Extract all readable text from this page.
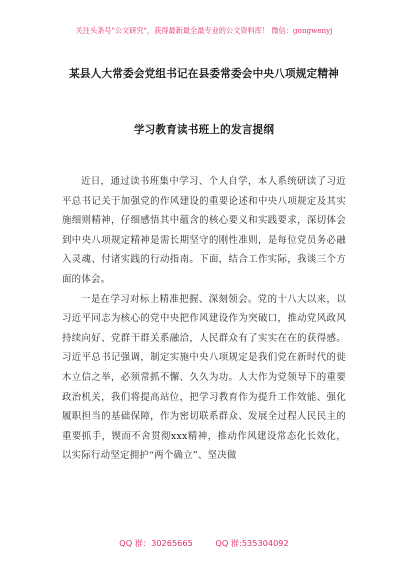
关注头条号"公文研究"，获得最新最全最专业的公文资料库！ 微信：gongwenyj
某县人大常委会党组书记在县委常委会中央八项规定精神
学习教育读书班上的发言提纲

近日，通过读书班集中学习、个人自学，本人系统研读了习近平总书记关于加强党的作风建设的重要论述和中央八项规定及其实施细则精神，仔细感悟其中蕴含的核心要义和实践要求，深切体会到中央八项规定精神是需长期坚守的刚性准则，是每位党员务必融入灵魂、付诸实践的行动指南。下面，结合工作实际，我谈三个方面的体会。

一是在学习对标上精准把握、深刻领会。党的十八大以来，以习近平同志为核心的党中央把作风建设作为突破口，推动党风政风持续向好、党群干群关系融洽，人民群众有了实实在在的获得感。习近平总书记强调，制定实施中央八项规定是我们党在新时代的徙木立信之举，必须常抓不懈、久久为功。人大作为党领导下的重要政治机关，我们将提高站位，把学习教育作为提升工作效能、强化履职担当的基础保障，作为密切联系群众、发展全过程人民民主的重要抓手，锲而不舍贯彻xxx精神，推动作风建设常态化长效化，以实际行动坚定拥护“两个确立”、坚决做

QQ 群：30265665	QQ 群:535304092
